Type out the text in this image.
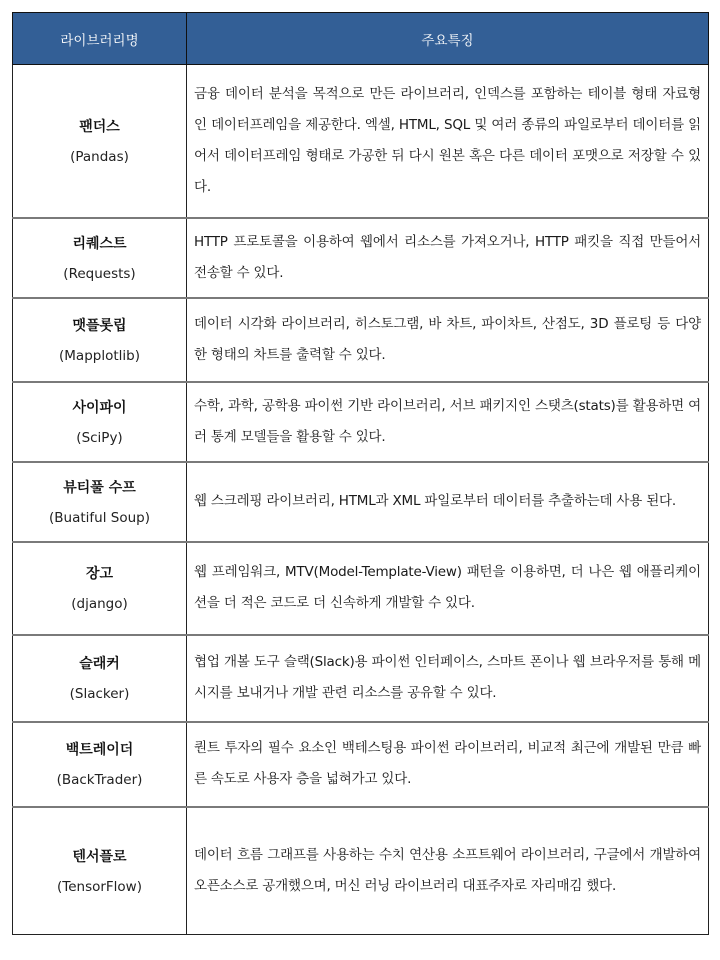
라이브러리명	주요특징

팬더스
(Pandas)	금융 데이터 분석을 목적으로 만든 라이브러리, 인덱스를 포함하는 테이블 형태 자료형인 데이터프레임을 제공한다. 엑셀, HTML, SQL 및 여러 종류의 파일로부터 데이터를 읽어서 데이터프레임 형태로 가공한 뒤 다시 원본 혹은 다른 데이터 포맷으로 저장할 수 있다.

리퀘스트
(Requests)	HTTP 프로토콜을 이용하여 웹에서 리소스를 가져오거나, HTTP 패킷을 직접 만들어서 전송할 수 있다.

맷플롯립
(Mapplotlib)	데이터 시각화 라이브러리, 히스토그램, 바 차트, 파이차트, 산점도, 3D 플로팅 등 다양한 형태의 차트를 출력할 수 있다.

사이파이
(SciPy)	수학, 과학, 공학용 파이썬 기반 라이브러리, 서브 패키지인 스탯츠(stats)를 활용하면 여러 통계 모델들을 활용할 수 있다.

뷰티풀 수프
(Buatiful Soup)	웹 스크레핑 라이브러리, HTML과 XML 파일로부터 데이터를 추출하는데 사용 된다.

장고
(django)	웹 프레임워크, MTV(Model-Template-View) 패턴을 이용하면, 더 나은 웹 애플리케이션을 더 적은 코드로 더 신속하게 개발할 수 있다.

슬래커
(Slacker)	협업 개볼 도구 슬랙(Slack)용 파이썬 인터페이스, 스마트 폰이나 웹 브라우저를 통해 메시지를 보내거나 개발 관련 리소스를 공유할 수 있다.

백트레이더
(BackTrader)	퀀트 투자의 필수 요소인 백테스팅용 파이썬 라이브러리, 비교적 최근에 개발된 만큼 빠른 속도로 사용자 층을 넓혀가고 있다.

텐서플로
(TensorFlow)	데이터 흐름 그래프를 사용하는 수치 연산용 소프트웨어 라이브러리, 구글에서 개발하여 오픈소스로 공개했으며, 머신 러닝 라이브러리 대표주자로 자리매김 했다.
